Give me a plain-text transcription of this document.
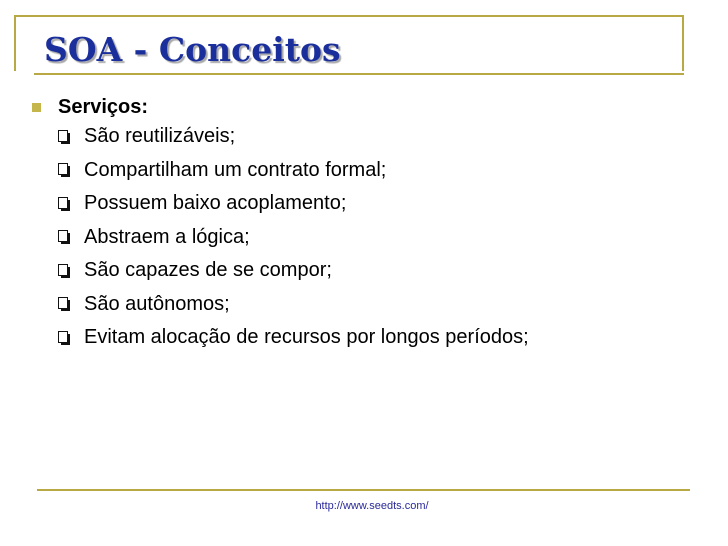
SOA - Conceitos
Serviços:
São reutilizáveis;
Compartilham um contrato formal;
Possuem baixo acoplamento;
Abstraem a lógica;
São capazes de se compor;
São autônomos;
Evitam alocação de recursos por longos períodos;
http://www.seedts.com/
